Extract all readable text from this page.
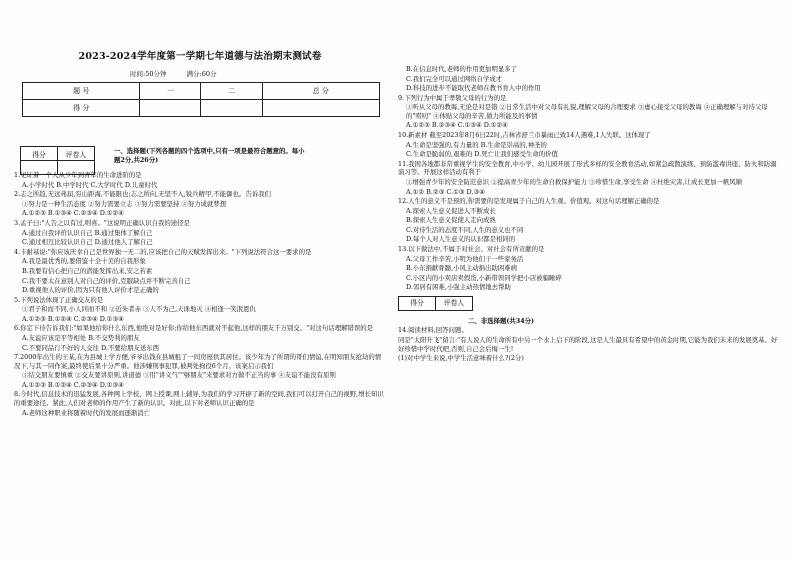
2023-2024学年度第一学期七年道德与法治期末测试卷
时间:50分钟	满分:60分
题 号	一	二	总 分
得 分			
得分	评卷人
		一、选择题(下列各题的四个选项中,只有一项是最符合题意的。每小
题2分,共26分)
1.见证着一个人从少年到青年的生命进阶的是
A.小学时代 B.中学时代 C.大学时代 D.儿童时代
2.志之所趋,无远弗届,穷山距海,不能限也;志之所向,无坚不入,锐兵精甲,不能御也。告诉我们
①努力是一种生活态度 ②努力需要立志 ③努力需要坚持 ④努力成就梦想
A.①②③ B.①③④ C.②③④ D.①②④
3.孟子曰:"人告之以有过,则喜。"这说明正确认识自我的途径是
A.通过自我评价认识自己 B.通过集体了解自己
C.通过相互比较认识自己 D.通过他人了解自己
4.卡耐基说:"你应该庆幸自己是世界独一无二的,应该把自己的天赋发挥出来。"下列说法符合这一要求的是
A.我是最优秀的,要借鉴十全十美的自我形象
B.我要有信心把自己的潜能发挥出来,安之若素
C.我不要太在意别人对自己的评价,克服缺点并不断完善自己
D.重视他人的评价,因为只有他人评价才是正确的
5.下列说法体现了正确交友的是
①君子和而不同,小人同而不和 ②近朱者赤 ③人不为己,天诛地灭 ④相逢一笑泯恩仇
A.①②③ B.①②④ C.②③④ D.①③④
6.你定下待告诉我们:"如果他给你什么东西,他绝对是好你;你给他东西就对不起他,这样的朋友千万别交。"对这句话理解错误的是
A.友谊应该是平等相处 B.不交势利的朋友
C.不要同品行不好的人交往 D.不要给朋友送东西
7.2000年出生的王某,在为县城上学方便,爷爷出钱在县城租了一间房屋供其居住。该少年为了所谓的哥们情谊,在明知朋友抢劫的情况下,与其一同作案,最终使后果十分严重。他涉嫌刑事犯罪,被判处拘役6个月。该案启示我们
①结交朋友要慎重 ②交友要讲原则,讲道德 ③用"讲义气""够朋友"来要求对方做不正当的事 ④友谊不能没有原则
A.①②③ B.①②④ C.②③④ D.①③④
8.今时代,信息技术的迅猛发展,各种网上学校、网上授课,网上辅导,为我们的学习开辟了新的空间,我们可以打开自己的视野,增长知识的重要途径。紧此,人们对老师的作用产生了新的认识。对此,以下对老师认识正确的是
A.老师这种职业将随着时代的发展而逐渐消亡
B.在信息时代,老师的作用更加明显多了
C.我们完全可以通过网络自学成才
D.科技的进步不能取代老师在教书育人中的作用
9.下列行为中属于孝敬父母的行为的是
①听从父母的教诲,无论是对是错 ②日常生活中对父母有礼貌,理解父母的合理要求 ③虚心接受父母的教诲 ④正确理解与对待父母的"唠叨" ④体贴父母的辛苦,做力所能及的事情
A.①②③ B.②③④ C.①③④ D.①②④
10.新素材 截至2023年8月6日22时,吉林省舒兰市暴雨已致14人遇难,1人失联。这体现了
A.生命是坚强的,有力量的 B.生命是崇高的,神圣的
C.生命是脆弱的,艰难的 D.死亡让我们感受生命的价值
11.我国各地都非常重视学生的安全教育,中小学、幼儿园开展了形式多样的安全教育活动,如紧急疏散演练、预防滥毒讲座、防火和防溺演习等。开展这样活动有利于
①增强青少年的安全防范意识 ②提高青少年的生命自救保护能力 ③珍惜生命,享受生命 ④杜绝灾害,让成长更加一帆风顺
A.①② B.②③ C.①③ D.③④
12.人生的意义不是预的,你需要的是发现属于自己的人生观、价值观。对这句话理解正确的是
A.探索人生意义促进人不断成长
B.探索人生意义促使人走向成熟
C.对待生活的态度不同,人生的意义也不同
D.每个人对人生意义的认识都是相同的
13.以下做法中,不属于对社会、对社会有所贡献的是
A.父母工作辛苦,小明为他们干一些家务活
B.小东捐献骨髓,小风主动捐出助困难病
C.小区内的小卖店卖假货,小新带领同学把小店被骗睡碎
D.邻居有困难,小强主动热情地去帮助
得分	评卷人
二、非选择题(共34分)
14.阅读材料,回答问题。
同是"太阳升飞"留言:"有人说人的生命所有中另一个水上启下的阶段,这是人生最具有希望中的黄金时期,它能为我们未来的发展奠基。好好珍惜中学时代吧,否则,自己会后悔一生!
(1)对中学生来说,中学生活意味着什么?(2分)
